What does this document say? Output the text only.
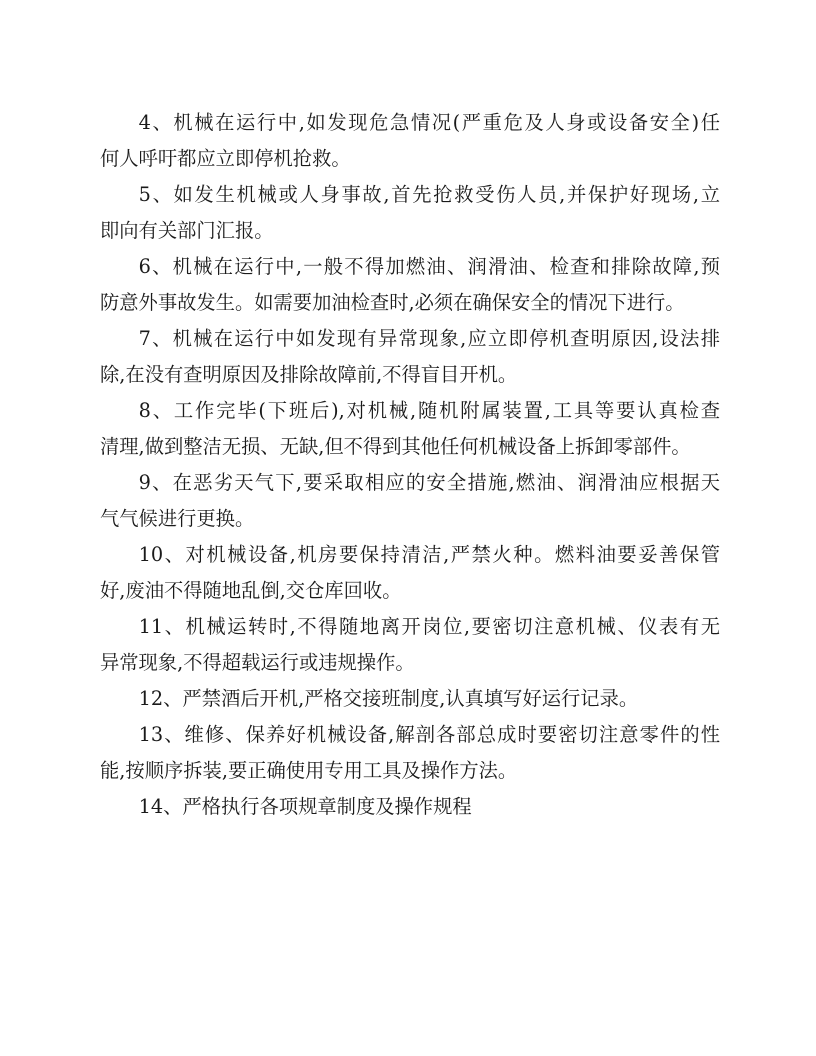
4、机械在运行中,如发现危急情况(严重危及人身或设备安全)任
何人呼吁都应立即停机抢救。
5、如发生机械或人身事故,首先抢救受伤人员,并保护好现场,立
即向有关部门汇报。
6、机械在运行中,一般不得加燃油、润滑油、检查和排除故障,预
防意外事故发生。如需要加油检查时,必须在确保安全的情况下进行。
7、机械在运行中如发现有异常现象,应立即停机查明原因,设法排
除,在没有查明原因及排除故障前,不得盲目开机。
8、工作完毕(下班后),对机械,随机附属装置,工具等要认真检查
清理,做到整洁无损、无缺,但不得到其他任何机械设备上拆卸零部件。
9、在恶劣天气下,要采取相应的安全措施,燃油、润滑油应根据天
气气候进行更换。
10、对机械设备,机房要保持清洁,严禁火种。燃料油要妥善保管
好,废油不得随地乱倒,交仓库回收。
11、机械运转时,不得随地离开岗位,要密切注意机械、仪表有无
异常现象,不得超载运行或违规操作。
12、严禁酒后开机,严格交接班制度,认真填写好运行记录。
13、维修、保养好机械设备,解剖各部总成时要密切注意零件的性
能,按顺序拆装,要正确使用专用工具及操作方法。
14、严格执行各项规章制度及操作规程
